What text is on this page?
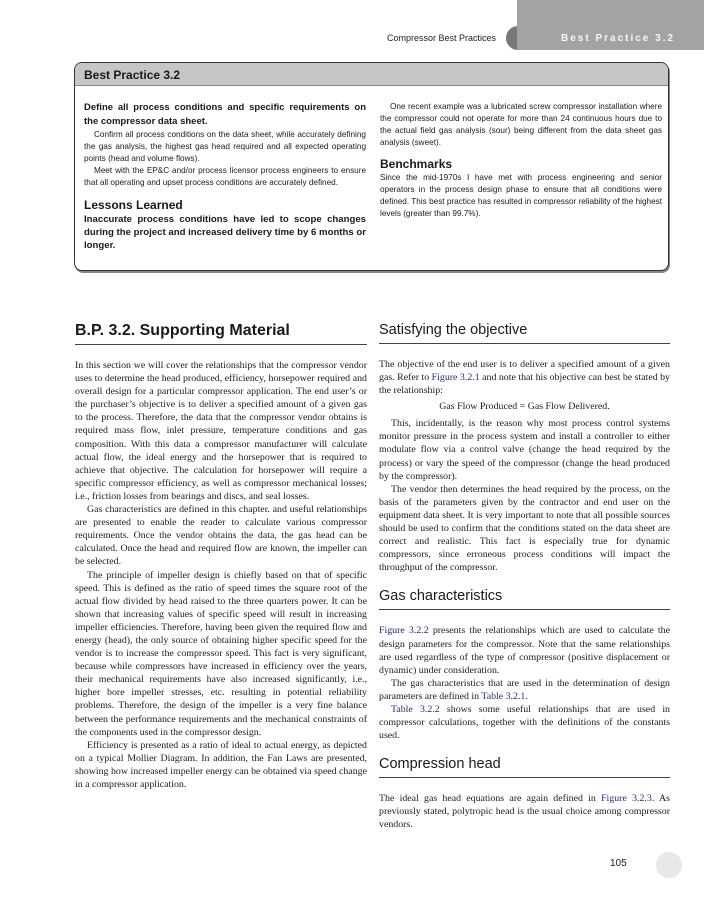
Compressor Best Practices	Best Practice 3.2
Best Practice 3.2

Define all process conditions and specific requirements on the compressor data sheet.

Confirm all process conditions on the data sheet, while accurately defining the gas analysis, the highest gas head required and all expected operating points (head and volume flows).

Meet with the EP&C and/or process licensor process engineers to ensure that all operating and upset process conditions are accurately defined.

Lessons Learned

Inaccurate process conditions have led to scope changes during the project and increased delivery time by 6 months or longer.

One recent example was a lubricated screw compressor installation where the compressor could not operate for more than 24 continuous hours due to the actual field gas analysis (sour) being different from the data sheet gas analysis (sweet).

Benchmarks

Since the mid-1970s I have met with process engineering and senior operators in the process design phase to ensure that all conditions were defined. This best practice has resulted in compressor reliability of the highest levels (greater than 99.7%).

B.P. 3.2. Supporting Material

In this section we will cover the relationships that the compressor vendor uses to determine the head produced, efficiency, horsepower required and overall design for a particular compressor application. The end user’s or the purchaser’s objective is to deliver a specified amount of a given gas to the process. Therefore, the data that the compressor vendor obtains is required mass flow, inlet pressure, temperature conditions and gas composition. With this data a compressor manufacturer will calculate actual flow, the ideal energy and the horsepower that is required to achieve that objective. The calculation for horsepower will require a specific compressor efficiency, as well as compressor mechanical losses; i.e., friction losses from bearings and discs, and seal losses.

Gas characteristics are defined in this chapter. and useful relationships are presented to enable the reader to calculate various compressor requirements. Once the vendor obtains the data, the gas head can be calculated. Once the head and required flow are known, the impeller can be selected.

The principle of impeller design is chiefly based on that of specific speed. This is defined as the ratio of speed times the square root of the actual flow divided by head raised to the three quarters power. It can be shown that increasing values of specific speed will result in increasing impeller efficiencies. Therefore, having been given the required flow and energy (head), the only source of obtaining higher specific speed for the vendor is to increase the compressor speed. This fact is very significant, because while compressors have increased in efficiency over the years, their mechanical requirements have also increased significantly, i.e., higher bore impeller stresses, etc. resulting in potential reliability problems. Therefore, the design of the impeller is a very fine balance between the performance requirements and the mechanical constraints of the components used in the compressor design.

Efficiency is presented as a ratio of ideal to actual energy, as depicted on a typical Mollier Diagram. In addition, the Fan Laws are presented, showing how increased impeller energy can be obtained via speed change in a compressor application.

Satisfying the objective

The objective of the end user is to deliver a specified amount of a given gas. Refer to Figure 3.2.1 and note that his objective can best be stated by the relationship:

Gas Flow Produced = Gas Flow Delivered.

This, incidentally, is the reason why most process control systems monitor pressure in the process system and install a controller to either modulate flow via a control valve (change the head required by the process) or vary the speed of the compressor (change the head produced by the compressor).

The vendor then determines the head required by the process, on the basis of the parameters given by the contractor and end user on the equipment data sheet. It is very important to note that all possible sources should be used to confirm that the conditions stated on the data sheet are correct and realistic. This fact is especially true for dynamic compressors, since erroneous process conditions will impact the throughput of the compressor.

Gas characteristics

Figure 3.2.2 presents the relationships which are used to calculate the design parameters for the compressor. Note that the same relationships are used regardless of the type of compressor (positive displacement or dynamic) under consideration.

The gas characteristics that are used in the determination of design parameters are defined in Table 3.2.1.

Table 3.2.2 shows some useful relationships that are used in compressor calculations, together with the definitions of the constants used.

Compression head

The ideal gas head equations are again defined in Figure 3.2.3. As previously stated, polytropic head is the usual choice among compressor vendors.

105
